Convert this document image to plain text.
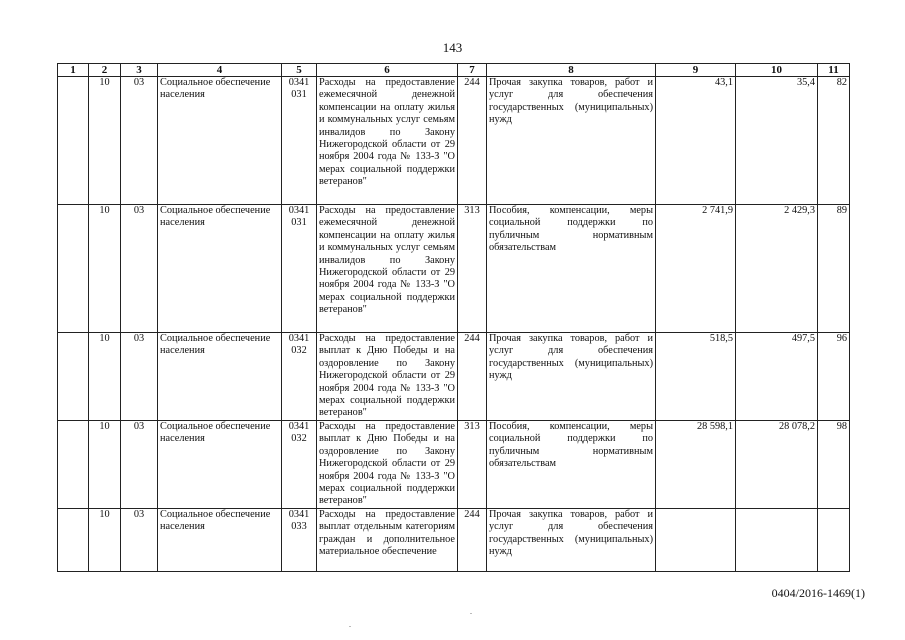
143
1	2	3	4	5	6	7	8	9	10	11
	10	03	Социальное обеспечение населения	0341 031	Расходы на предоставление ежемесячной денежной компенсации на оплату жилья и коммунальных услуг семьям инвалидов по Закону Нижегородской области от 29 ноября 2004 года № 133-З "О мерах социальной поддержки ветеранов"	244	Прочая закупка товаров, работ и услуг для обеспечения государственных (муниципальных) нужд	43,1	35,4	82
	10	03	Социальное обеспечение населения	0341 031	Расходы на предоставление ежемесячной денежной компенсации на оплату жилья и коммунальных услуг семьям инвалидов по Закону Нижегородской области от 29 ноября 2004 года № 133-З "О мерах социальной поддержки ветеранов"	313	Пособия, компенсации, меры социальной поддержки по публичным нормативным обязательствам	2 741,9	2 429,3	89
	10	03	Социальное обеспечение населения	0341 032	Расходы на предоставление выплат к Дню Победы и на оздоровление по Закону Нижегородской области от 29 ноября 2004 года № 133-З "О мерах социальной поддержки ветеранов"	244	Прочая закупка товаров, работ и услуг для обеспечения государственных (муниципальных) нужд	518,5	497,5	96
	10	03	Социальное обеспечение населения	0341 032	Расходы на предоставление выплат к Дню Победы и на оздоровление по Закону Нижегородской области от 29 ноября 2004 года № 133-З "О мерах социальной поддержки ветеранов"	313	Пособия, компенсации, меры социальной поддержки по публичным нормативным обязательствам	28 598,1	28 078,2	98
	10	03	Социальное обеспечение населения	0341 033	Расходы на предоставление выплат отдельным категориям граждан и дополнительное материальное обеспечение	244	Прочая закупка товаров, работ и услуг для обеспечения государственных (муниципальных) нужд			
0404/2016-1469(1)
